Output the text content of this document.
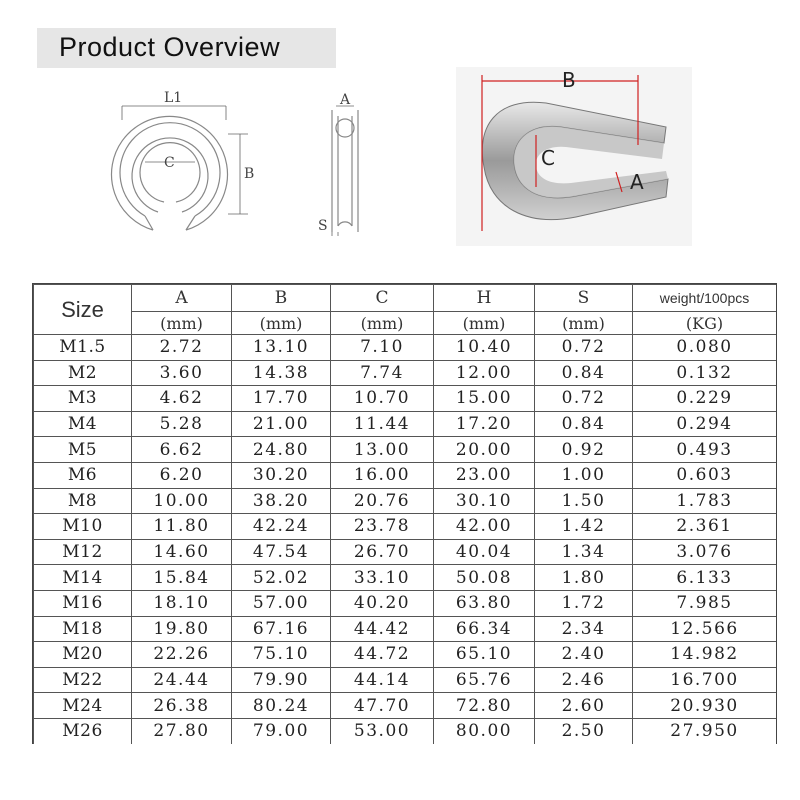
Product Overview
L1
C
B
A
S
B
C
A
Size	A	B	C	H	S	weight/100pcs
	(mm)	(mm)	(mm)	(mm)	(mm)	(KG)
M1.5	2.72	13.10	7.10	10.40	0.72	0.080
M2	3.60	14.38	7.74	12.00	0.84	0.132
M3	4.62	17.70	10.70	15.00	0.72	0.229
M4	5.28	21.00	11.44	17.20	0.84	0.294
M5	6.62	24.80	13.00	20.00	0.92	0.493
M6	6.20	30.20	16.00	23.00	1.00	0.603
M8	10.00	38.20	20.76	30.10	1.50	1.783
M10	11.80	42.24	23.78	42.00	1.42	2.361
M12	14.60	47.54	26.70	40.04	1.34	3.076
M14	15.84	52.02	33.10	50.08	1.80	6.133
M16	18.10	57.00	40.20	63.80	1.72	7.985
M18	19.80	67.16	44.42	66.34	2.34	12.566
M20	22.26	75.10	44.72	65.10	2.40	14.982
M22	24.44	79.90	44.14	65.76	2.46	16.700
M24	26.38	80.24	47.70	72.80	2.60	20.930
M26	27.80	79.00	53.00	80.00	2.50	27.950
